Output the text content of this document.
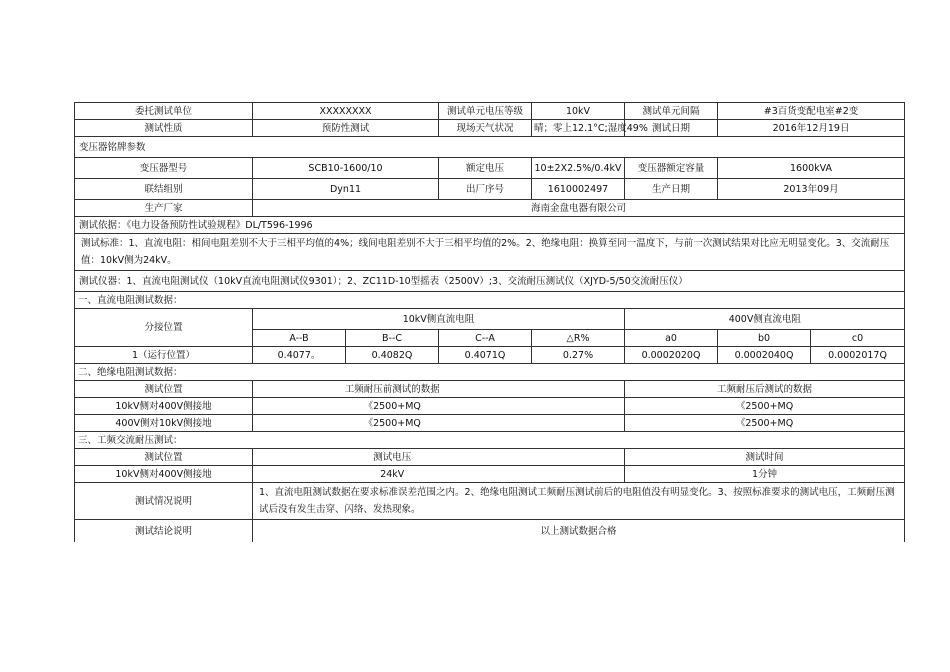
委托测试单位	XXXXXXXX		测试单元电压等级	10kV	测试单元间隔	#3百货变配电室#2变		
测试性质	预防性测试		现场天气状况	晴；零上12.1°C;湿度49%	测试日期	2016年12月19日		
变压器铭牌参数								
变压器型号	SCB10-1600/10		额定电压	10±2X2.5%/0.4kV	变压器额定容量	1600kVA		
联结组别	Dyn11		出厂序号	1610002497	生产日期	2013年09月		
生产厂家	海南金盘电器有限公司							
测试依据：《电力设备预防性试验规程》DL/T596-1996								
测试标准：1、直流电阻：相间电阻差别不大于三相平均值的4%；线间电阻差别不大于三相平均值的2%。2、绝缘电阻：换算至同一温度下，与前一次测试结果对比应无明显变化。3、交流耐压值：10kV侧为24kV。								
测试仪器：1、直流电阻测试仪（10kV直流电阻测试仪9301）；2、ZC11D-10型摇表（2500V）;3、交流耐压测试仪（XJYD-5/50交流耐压仪）								
一、直流电阻测试数据：								
分接位置	10kV侧直流电阻				400V侧直流电阻			
	A--B	B--C	C--A	△R%	a0	b0	c0	
1（运行位置）	0.4077。	0.4082Q	0.4071Q	0.27%	0.0002020Q	0.0002040Q	0.0002017Q	
二、绝缘电阻测试数据：								
测试位置	工频耐压前测试的数据				工频耐压后测试的数据			
10kV侧对400V侧接地	《2500+MQ				《2500+MQ			
400V侧对10kV侧接地	《2500+MQ				《2500+MQ			
三、工频交流耐压测试：								
测试位置	测试电压				测试时间			
10kV侧对400V侧接地	24kV				1分钟			
测试情况说明	1、直流电阻测试数据在要求标准误差范围之内。2、绝缘电阻测试工频耐压测试前后的电阻值没有明显变化。3、按照标准要求的测试电压，工频耐压测试后没有发生击穿、闪络、发热现象。							
测试结论说明	以上测试数据合格							
